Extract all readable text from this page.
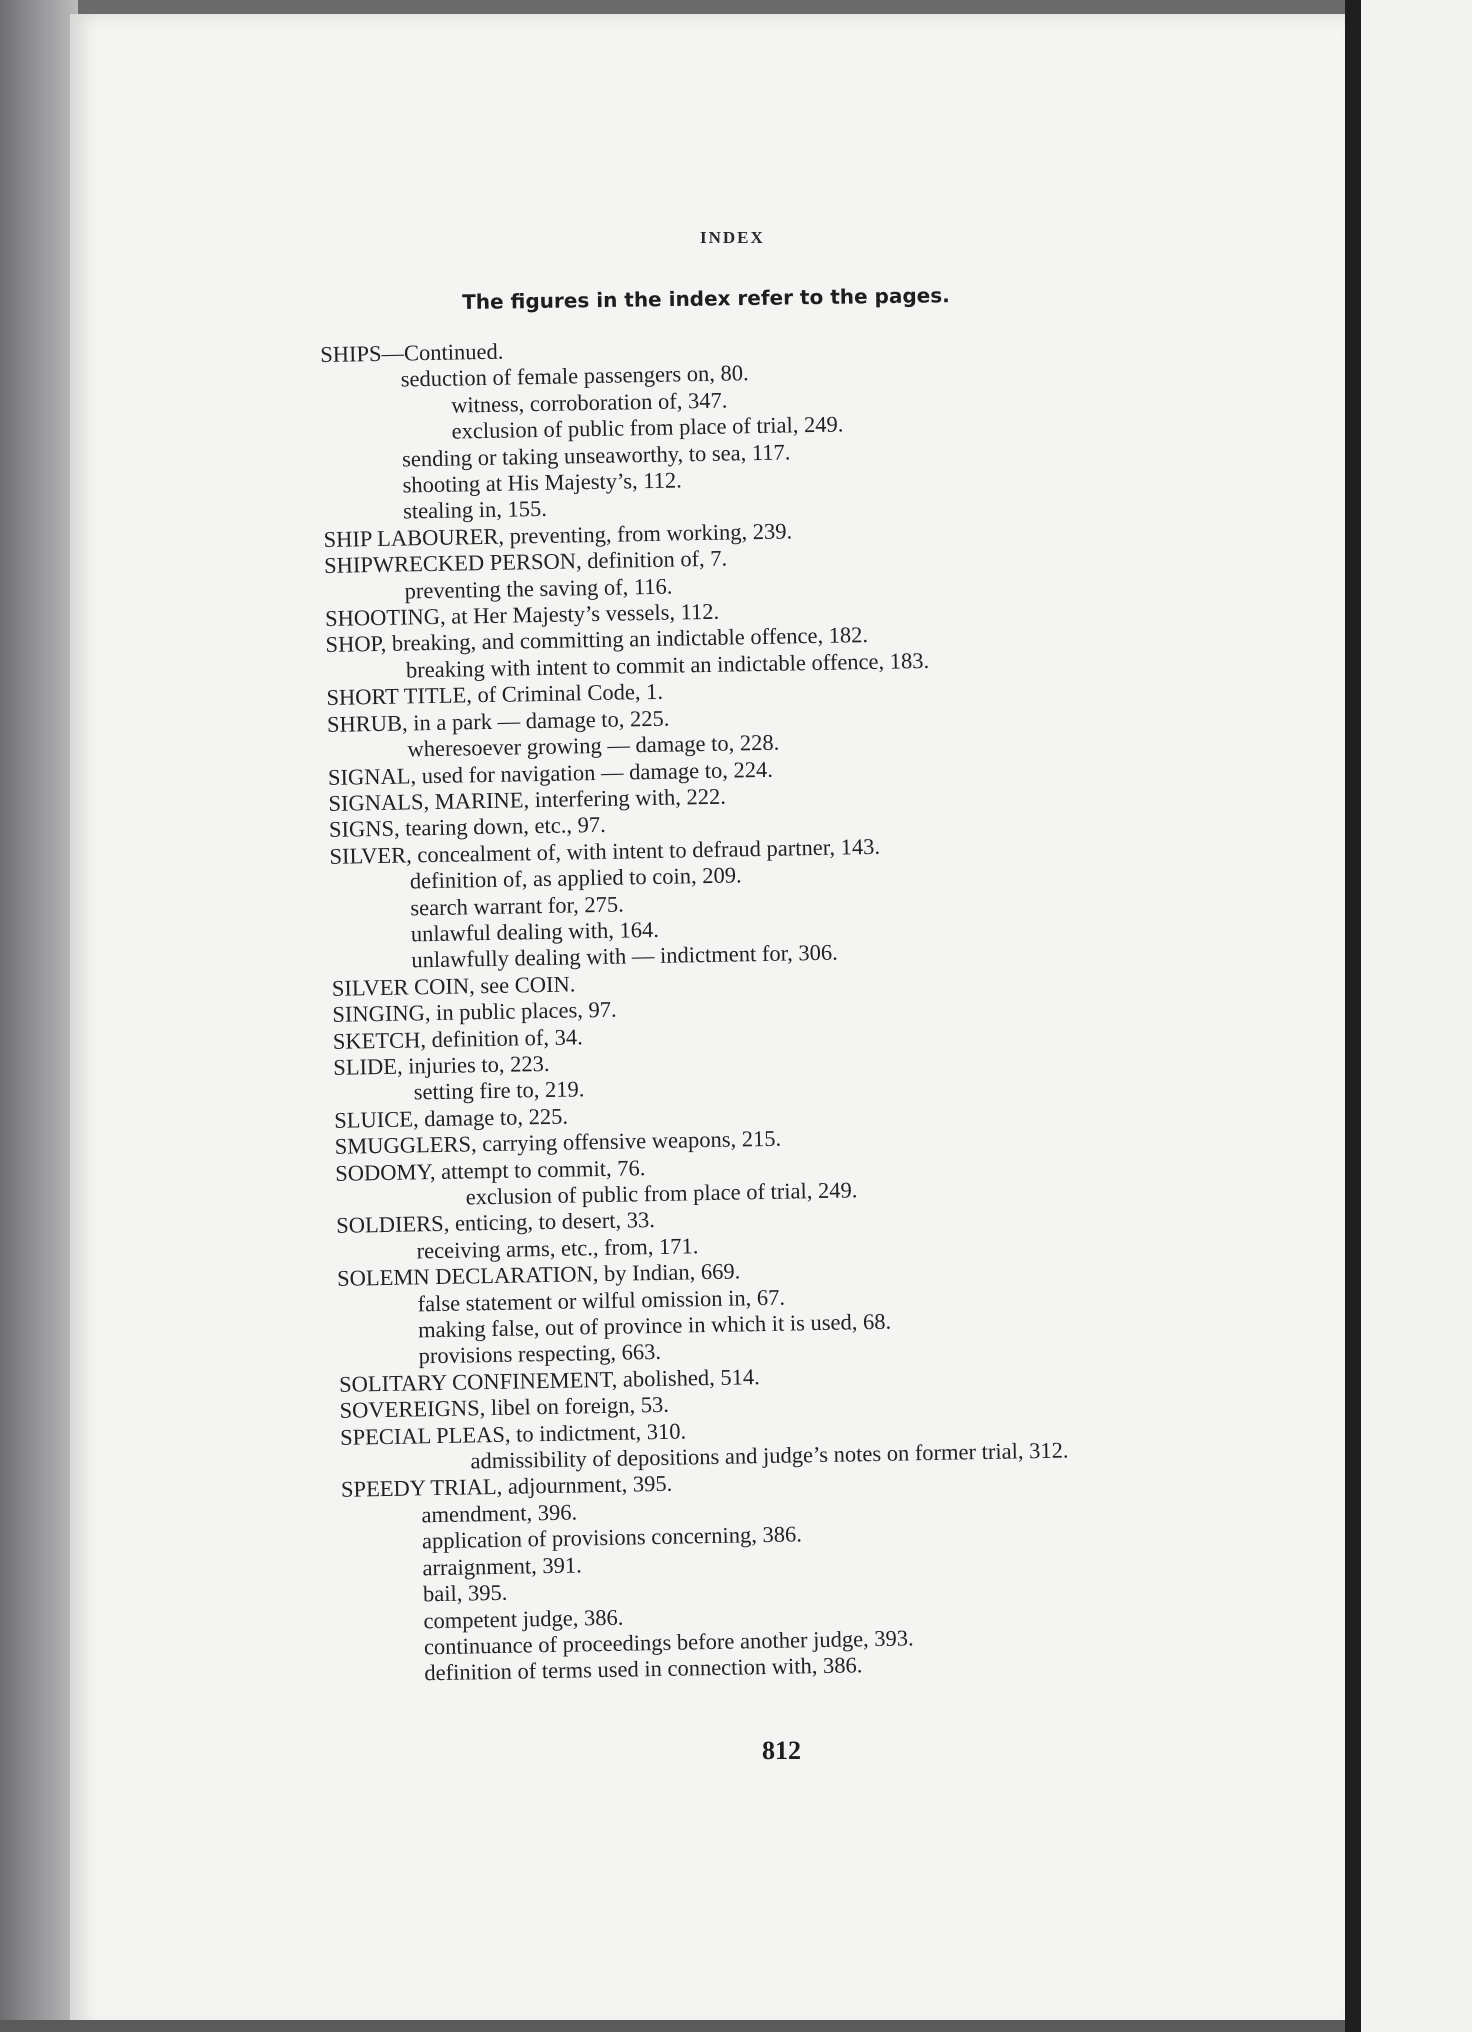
INDEX

The figures in the index refer to the pages.

SHIPS—Continued.
seduction of female passengers on, 80.
witness, corroboration of, 347.
exclusion of public from place of trial, 249.
sending or taking unseaworthy, to sea, 117.
shooting at His Majesty’s, 112.
stealing in, 155.
SHIP LABOURER, preventing, from working, 239.
SHIPWRECKED PERSON, definition of, 7.
preventing the saving of, 116.
SHOOTING, at Her Majesty’s vessels, 112.
SHOP, breaking, and committing an indictable offence, 182.
breaking with intent to commit an indictable offence, 183.
SHORT TITLE, of Criminal Code, 1.
SHRUB, in a park — damage to, 225.
wheresoever growing — damage to, 228.
SIGNAL, used for navigation — damage to, 224.
SIGNALS, MARINE, interfering with, 222.
SIGNS, tearing down, etc., 97.
SILVER, concealment of, with intent to defraud partner, 143.
definition of, as applied to coin, 209.
search warrant for, 275.
unlawful dealing with, 164.
unlawfully dealing with — indictment for, 306.
SILVER COIN, see COIN.
SINGING, in public places, 97.
SKETCH, definition of, 34.
SLIDE, injuries to, 223.
setting fire to, 219.
SLUICE, damage to, 225.
SMUGGLERS, carrying offensive weapons, 215.
SODOMY, attempt to commit, 76.
exclusion of public from place of trial, 249.
SOLDIERS, enticing, to desert, 33.
receiving arms, etc., from, 171.
SOLEMN DECLARATION, by Indian, 669.
false statement or wilful omission in, 67.
making false, out of province in which it is used, 68.
provisions respecting, 663.
SOLITARY CONFINEMENT, abolished, 514.
SOVEREIGNS, libel on foreign, 53.
SPECIAL PLEAS, to indictment, 310.
admissibility of depositions and judge’s notes on former trial, 312.
SPEEDY TRIAL, adjournment, 395.
amendment, 396.
application of provisions concerning, 386.
arraignment, 391.
bail, 395.
competent judge, 386.
continuance of proceedings before another judge, 393.
definition of terms used in connection with, 386.

812
